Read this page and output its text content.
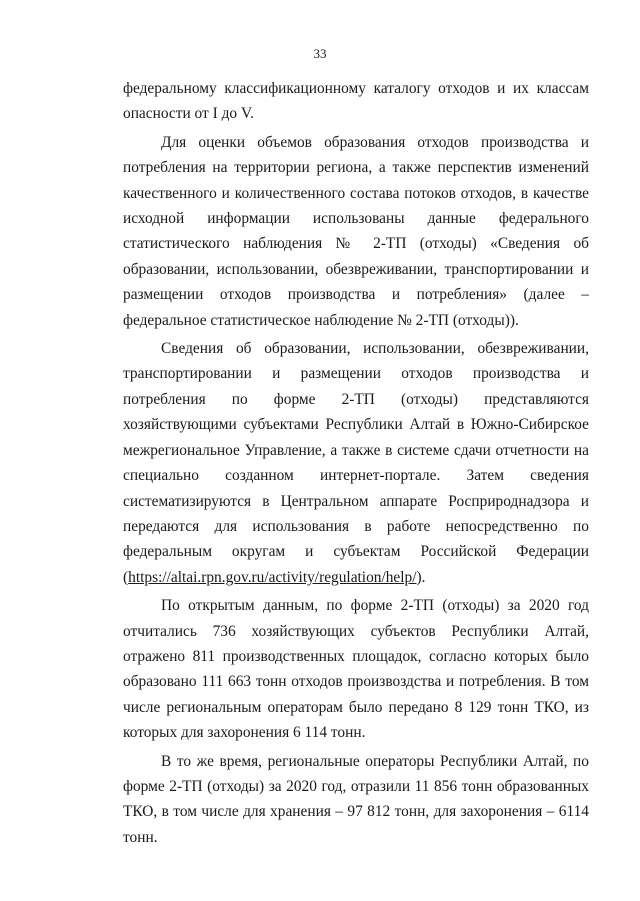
33

федеральному классификационному каталогу отходов и их классам опасности от I до V.

Для оценки объемов образования отходов производства и потребления на территории региона, а также перспектив изменений качественного и количественного состава потоков отходов, в качестве исходной информации использованы данные федерального статистического наблюдения № 2-ТП (отходы) «Сведения об образовании, использовании, обезвреживании, транспортировании и размещении отходов производства и потребления» (далее – федеральное статистическое наблюдение № 2-ТП (отходы)).

Сведения об образовании, использовании, обезвреживании, транспортировании и размещении отходов производства и потребления по форме 2-ТП (отходы) представляются хозяйствующими субъектами Республики Алтай в Южно-Сибирское межрегиональное Управление, а также в системе сдачи отчетности на специально созданном интернет-портале. Затем сведения систематизируются в Центральном аппарате Росприроднадзора и передаются для использования в работе непосредственно по федеральным округам и субъектам Российской Федерации (https://altai.rpn.gov.ru/activity/regulation/help/).

По открытым данным, по форме 2-ТП (отходы) за 2020 год отчитались 736 хозяйствующих субъектов Республики Алтай, отражено 811 производственных площадок, согласно которых было образовано 111 663 тонн отходов произвоздства и потребления. В том числе региональным операторам было передано 8 129 тонн ТКО, из которых для захоронения 6 114 тонн.

В то же время, региональные операторы Республики Алтай, по форме 2-ТП (отходы) за 2020 год, отразили 11 856 тонн образованных ТКО, в том числе для хранения – 97 812 тонн, для захоронения – 6114 тонн.
